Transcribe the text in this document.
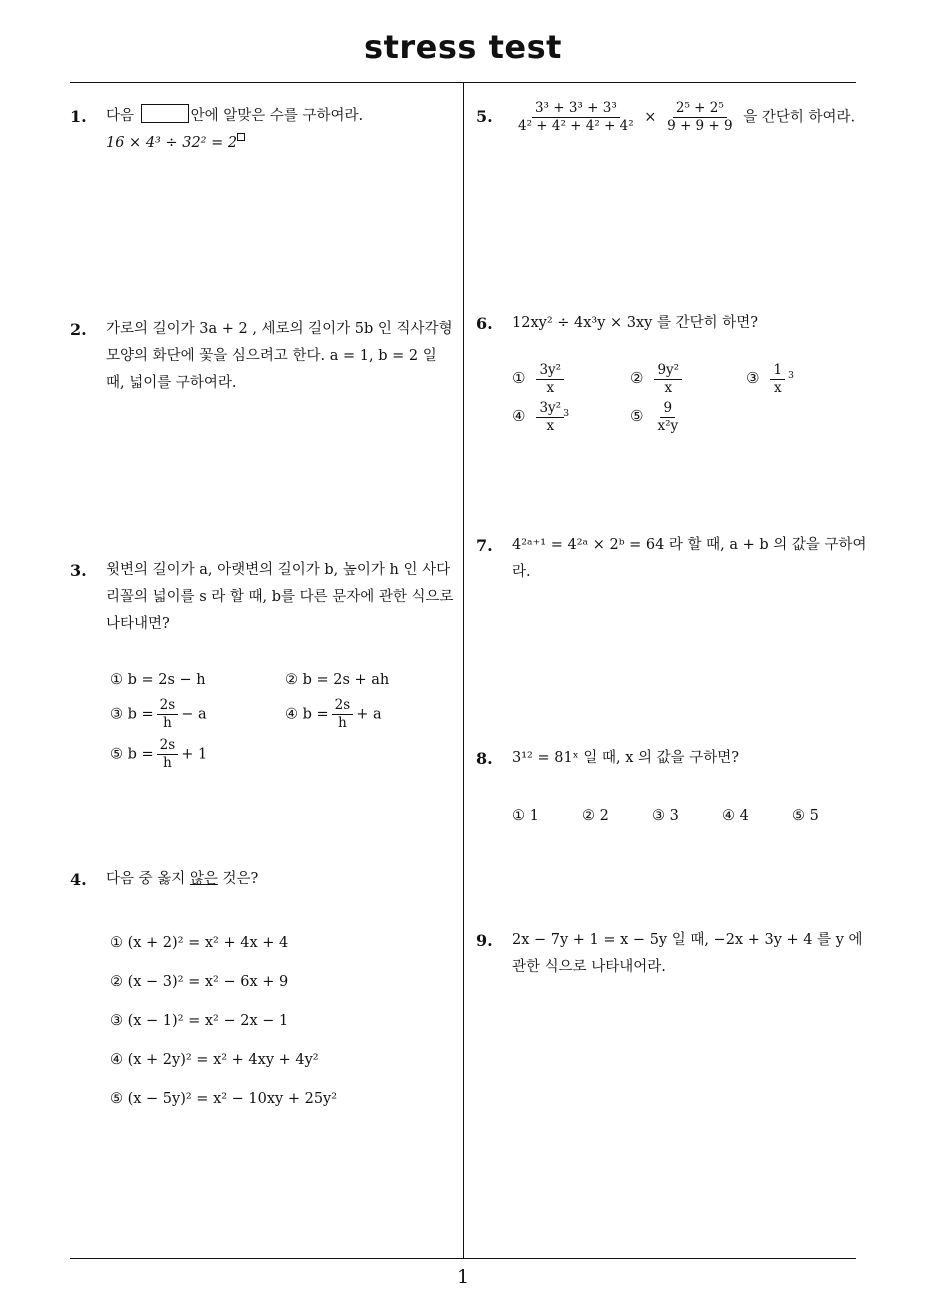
stress test
1
1. 다음	안에 알맞은 수를 구하여라.
16 × 4³ ÷ 32² = 2
2. 가로의 길이가 3a + 2 , 세로의 길이가 5b 인 직사각형
모양의 화단에 꽃을 심으려고 한다. a = 1, b = 2 일
때, 넓이를 구하여라.
3. 윗변의 길이가 a, 아랫변의 길이가 b, 높이가 h 인 사다
리꼴의 넓이를 s 라 할 때, b를 다른 문자에 관한 식으로
나타내면?
① b = 2s − h	② b = 2s + ah
③ $b = \frac{2s}{h} - a$	④ $b = \frac{2s}{h} + a$
⑤ $b = \frac{2s}{h} + 1$
4. 다음 중 옳지 않은 것은?
① (x + 2)² = x² + 4x + 4
② (x − 3)² = x² − 6x + 9
③ (x − 1)² = x² − 2x − 1
④ (x + 2y)² = x² + 4xy + 4y²
⑤ (x − 5y)² = x² − 10xy + 25y²
5. $\frac{\text{3³ + 3³ + 3³}}{\text{4² + 4² + 4² + 4²}} \times \frac{\text{2⁵ + 2⁵}}{9 + 9 + 9}$ 을 간단히 하여라.
6. 12xy² ÷ 4x³y × 3xy 를 간단히 하면?
① $\frac{\text{3y²}}{x}$	② $\frac{\text{9y²}}{x}$	③ $\frac{1}{x} ^3$
④ $\frac{\text{3y²}}{x} ^3$	⑤ $\frac{9}{\text{x²y}}$
7. 4²ᵃ⁺¹ = 4²ᵃ × 2ᵇ = 64 라 할 때, a + b 의 값을 구하여
라.
8. 3¹² = 81ˣ 일 때, x 의 값을 구하면?
① 1	② 2	③ 3	④ 4	⑤ 5
9. 2x − 7y + 1 = x − 5y 일 때, −2x + 3y + 4 를 y 에
관한 식으로 나타내어라.
